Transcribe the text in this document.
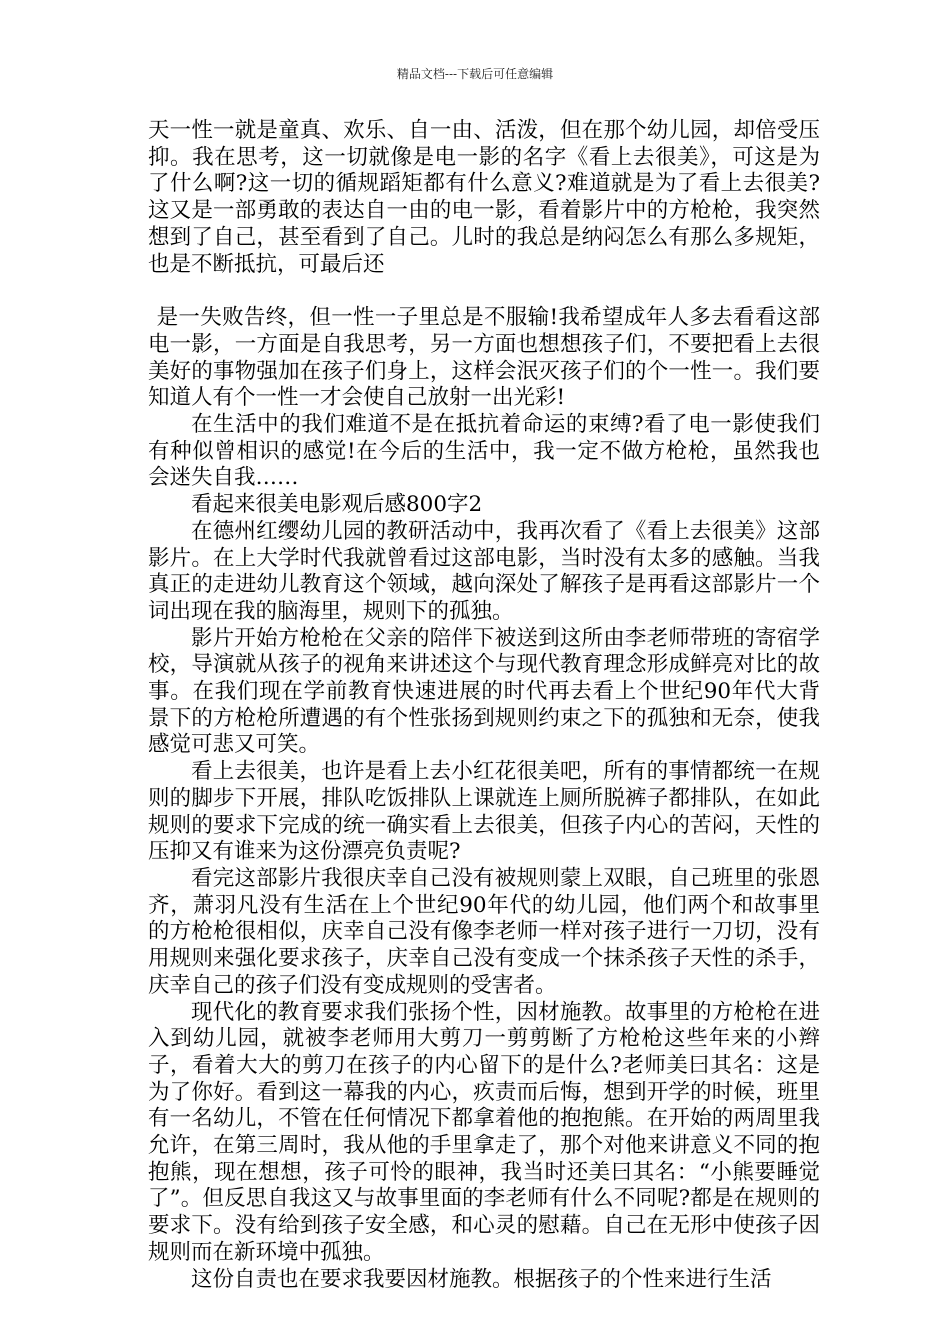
精品文档---下载后可任意编辑

天一性一就是童真、欢乐、自一由、活泼，但在那个幼儿园，却倍受压抑。我在思考，这一切就像是电一影的名字《看上去很美》，可这是为了什么啊?这一切的循规蹈矩都有什么意义?难道就是为了看上去很美?这又是一部勇敢的表达自一由的电一影，看着影片中的方枪枪，我突然想到了自己，甚至看到了自己。儿时的我总是纳闷怎么有那么多规矩，也是不断抵抗，可最后还

是一失败告终，但一性一子里总是不服输!我希望成年人多去看看这部电一影，一方面是自我思考，另一方面也想想孩子们，不要把看上去很美好的事物强加在孩子们身上，这样会泯灭孩子们的个一性一。我们要知道人有个一性一才会使自己放射一出光彩!

在生活中的我们难道不是在抵抗着命运的束缚?看了电一影使我们有种似曾相识的感觉!在今后的生活中，我一定不做方枪枪，虽然我也会迷失自我……

看起来很美电影观后感800字2

在德州红缨幼儿园的教研活动中，我再次看了《看上去很美》这部影片。在上大学时代我就曾看过这部电影，当时没有太多的感触。当我真正的走进幼儿教育这个领域，越向深处了解孩子是再看这部影片一个词出现在我的脑海里，规则下的孤独。

影片开始方枪枪在父亲的陪伴下被送到这所由李老师带班的寄宿学校，导演就从孩子的视角来讲述这个与现代教育理念形成鲜亮对比的故事。在我们现在学前教育快速进展的时代再去看上个世纪90年代大背景下的方枪枪所遭遇的有个性张扬到规则约束之下的孤独和无奈，使我感觉可悲又可笑。

看上去很美，也许是看上去小红花很美吧，所有的事情都统一在规则的脚步下开展，排队吃饭排队上课就连上厕所脱裤子都排队，在如此规则的要求下完成的统一确实看上去很美，但孩子内心的苦闷，天性的压抑又有谁来为这份漂亮负责呢?

看完这部影片我很庆幸自己没有被规则蒙上双眼，自己班里的张恩齐，萧羽凡没有生活在上个世纪90年代的幼儿园，他们两个和故事里的方枪枪很相似，庆幸自己没有像李老师一样对孩子进行一刀切，没有用规则来强化要求孩子，庆幸自己没有变成一个抹杀孩子天性的杀手，庆幸自己的孩子们没有变成规则的受害者。

现代化的教育要求我们张扬个性，因材施教。故事里的方枪枪在进入到幼儿园，就被李老师用大剪刀一剪剪断了方枪枪这些年来的小辫子，看着大大的剪刀在孩子的内心留下的是什么?老师美曰其名：这是为了你好。看到这一幕我的内心，疚责而后悔，想到开学的时候，班里有一名幼儿，不管在任何情况下都拿着他的抱抱熊。在开始的两周里我允许，在第三周时，我从他的手里拿走了，那个对他来讲意义不同的抱抱熊，现在想想，孩子可怜的眼神，我当时还美曰其名：“小熊要睡觉了”。但反思自我这又与故事里面的李老师有什么不同呢?都是在规则的要求下。没有给到孩子安全感，和心灵的慰藉。自己在无形中使孩子因规则而在新环境中孤独。

这份自责也在要求我要因材施教。根据孩子的个性来进行生活
